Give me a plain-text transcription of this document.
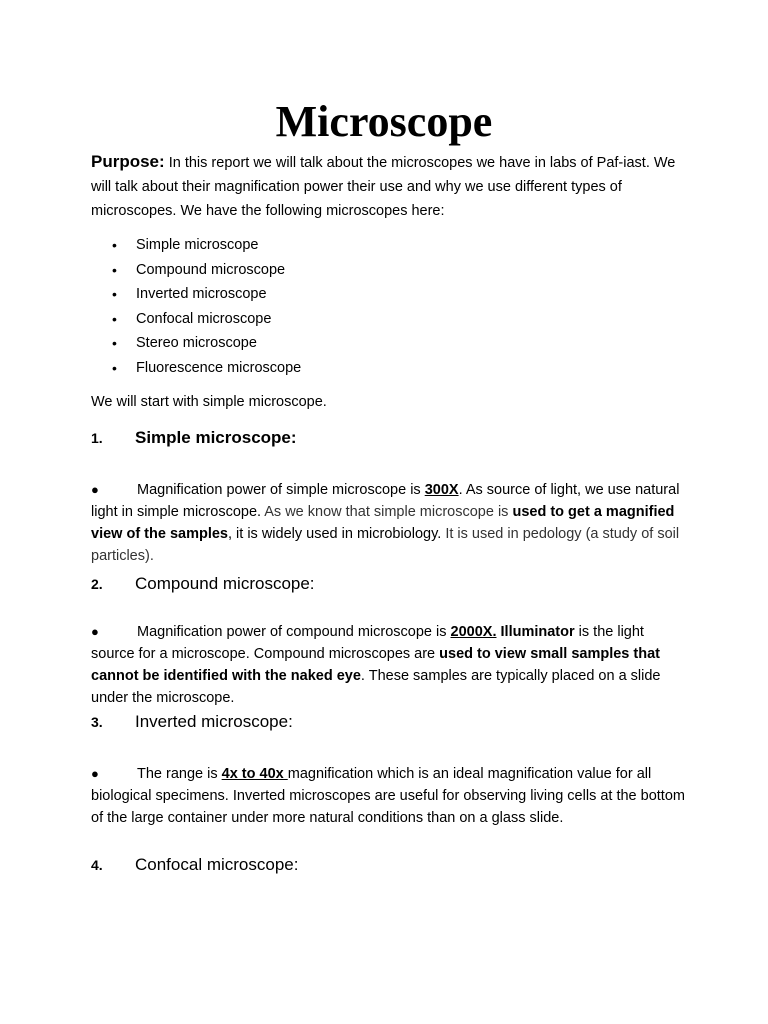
Microscope
Purpose: In this report we will talk about the microscopes we have in labs of Paf-iast. We will talk about their magnification power their use and why we use different types of microscopes. We have the following microscopes here:
• Simple microscope
• Compound microscope
• Inverted microscope
• Confocal microscope
• Stereo microscope
• Fluorescence microscope
We will start with simple microscope.
1. Simple microscope:
●	Magnification power of simple microscope is 300X. As source of light, we use natural light in simple microscope. As we know that simple microscope is used to get a magnified view of the samples, it is widely used in microbiology. It is used in pedology (a study of soil particles).
2. Compound microscope:
●	Magnification power of compound microscope is 2000X. Illuminator is the light source for a microscope. Compound microscopes are used to view small samples that cannot be identified with the naked eye. These samples are typically placed on a slide under the microscope.
3. Inverted microscope:
●	The range is 4x to 40x magnification which is an ideal magnification value for all biological specimens. Inverted microscopes are useful for observing living cells at the bottom of the large container under more natural conditions than on a glass slide.
4. Confocal microscope:
